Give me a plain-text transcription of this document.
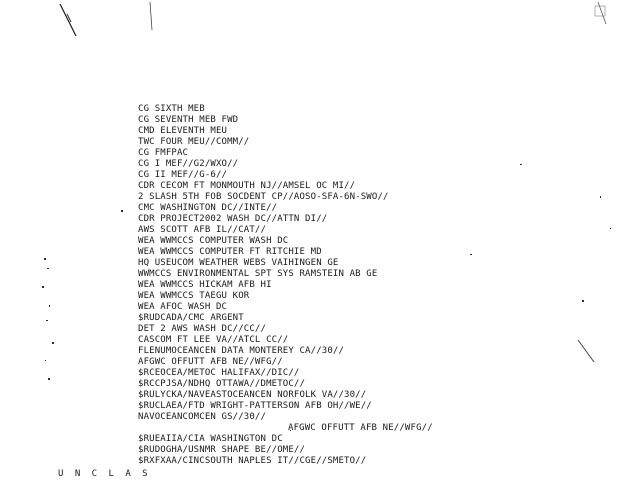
CG SIXTH MEB
CG SEVENTH MEB FWD
CMD ELEVENTH MEU
TWC FOUR MEU//COMM//
CG FMFPAC
CG I MEF//G2/WXO//
CG II MEF//G-6//
CDR CECOM FT MONMOUTH NJ//AMSEL OC MI//
2 SLASH 5TH FOB SOCDENT CP//AOSO-SFA-6N-SWO//
CMC WASHINGTON DC//INTE//
CDR PROJECT2002 WASH DC//ATTN DI//
AWS SCOTT AFB IL//CAT//
WEA WWMCCS COMPUTER WASH DC
WEA WWMCCS COMPUTER FT RITCHIE MD
HQ USEUCOM WEATHER WEBS VAIHINGEN GE
WWMCCS ENVIRONMENTAL SPT SYS RAMSTEIN AB GE
WEA WWMCCS HICKAM AFB HI
WEA WWMCCS TAEGU KOR
WEA AFOC WASH DC
$RUDCADA/CMC ARGENT
DET 2 AWS WASH DC//CC//
CASCOM FT LEE VA//ATCL CC//
FLENUMOCEANCEN DATA MONTEREY CA//30//
AFGWC OFFUTT AFB NE//WFG//
$RCEOCEA/METOC HALIFAX//DIC//
$RCCPJSA/NDHQ OTTAWA//DMETOC//
$RULYCKA/NAVEASTOCEANCEN NORFOLK VA//30//
$RUCLAEA/FTD WRIGHT-PATTERSON AFB OH//WE//
NAVOCEANCOMCEN GS//30//
AFGWC OFFUTT AFB NE//WFG//
$RUEAIIA/CIA WASHINGTON DC
$RUDOGHA/USNMR SHAPE BE//OME//
$RXFXAA/CINCSOUTH NAPLES IT//CGE//SMETO//
U N C L A S
